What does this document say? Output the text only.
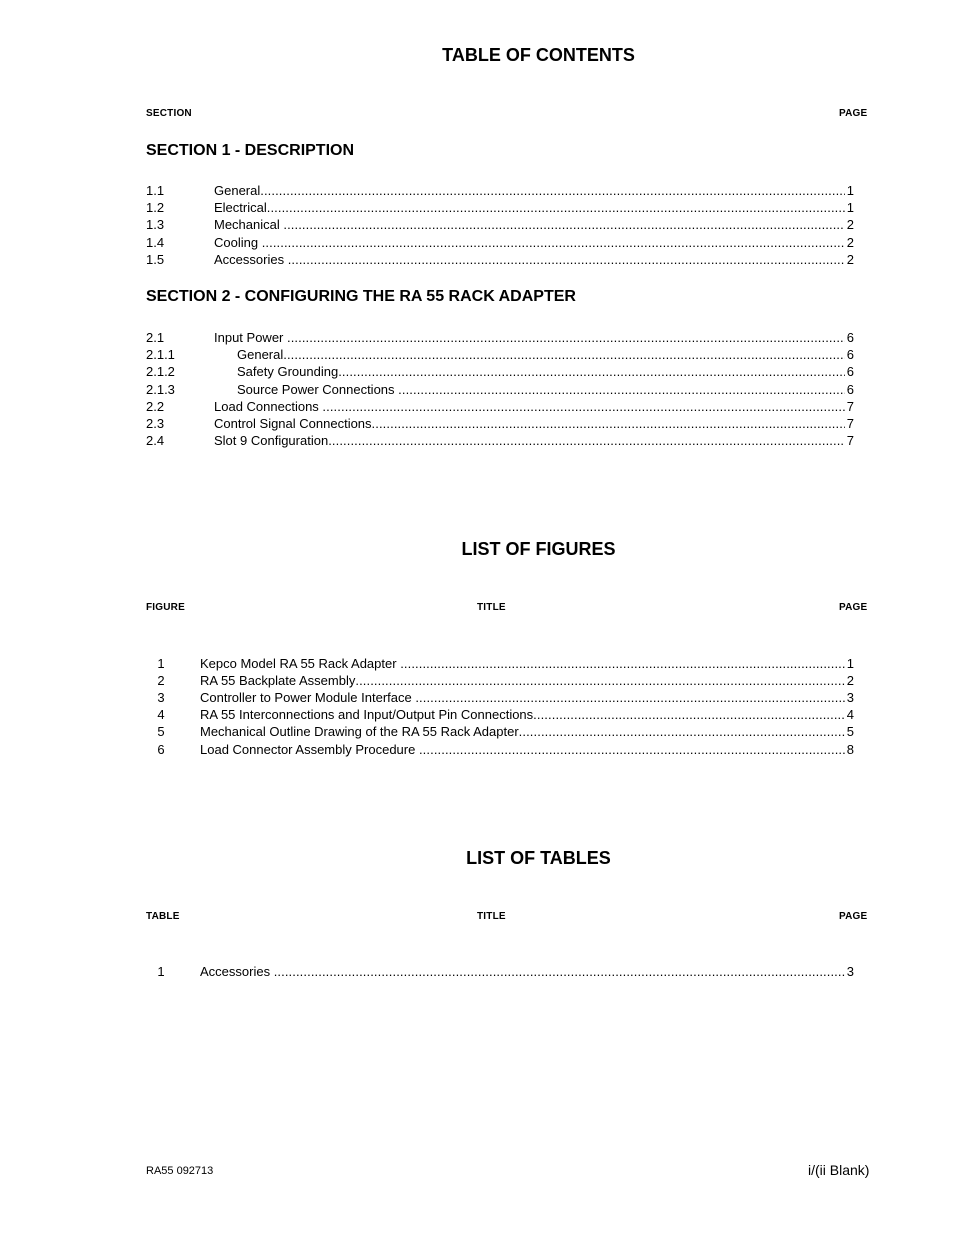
TABLE OF CONTENTS
SECTION	PAGE
SECTION 1 - DESCRIPTION
1.1	General .....	1
1.2	Electrical .....	1
1.3	Mechanical .....	2
1.4	Cooling .....	2
1.5	Accessories .....	2
SECTION 2 - CONFIGURING THE RA 55 RACK ADAPTER
2.1	Input Power .....	6
2.1.1	General .....	6
2.1.2	Safety Grounding .....	6
2.1.3	Source Power Connections .....	6
2.2	Load Connections .....	7
2.3	Control Signal Connections .....	7
2.4	Slot 9 Configuration .....	7
LIST OF FIGURES
FIGURE	TITLE	PAGE
1	Kepco Model RA 55 Rack Adapter .....	1
2	RA 55 Backplate Assembly .....	2
3	Controller to Power Module Interface .....	3
4	RA 55 Interconnections and Input/Output Pin Connections .....	4
5	Mechanical Outline Drawing of the RA 55 Rack Adapter .....	5
6	Load Connector Assembly Procedure .....	8
LIST OF TABLES
TABLE	TITLE	PAGE
1	Accessories .....	3
RA55 092713	i/(ii Blank)
